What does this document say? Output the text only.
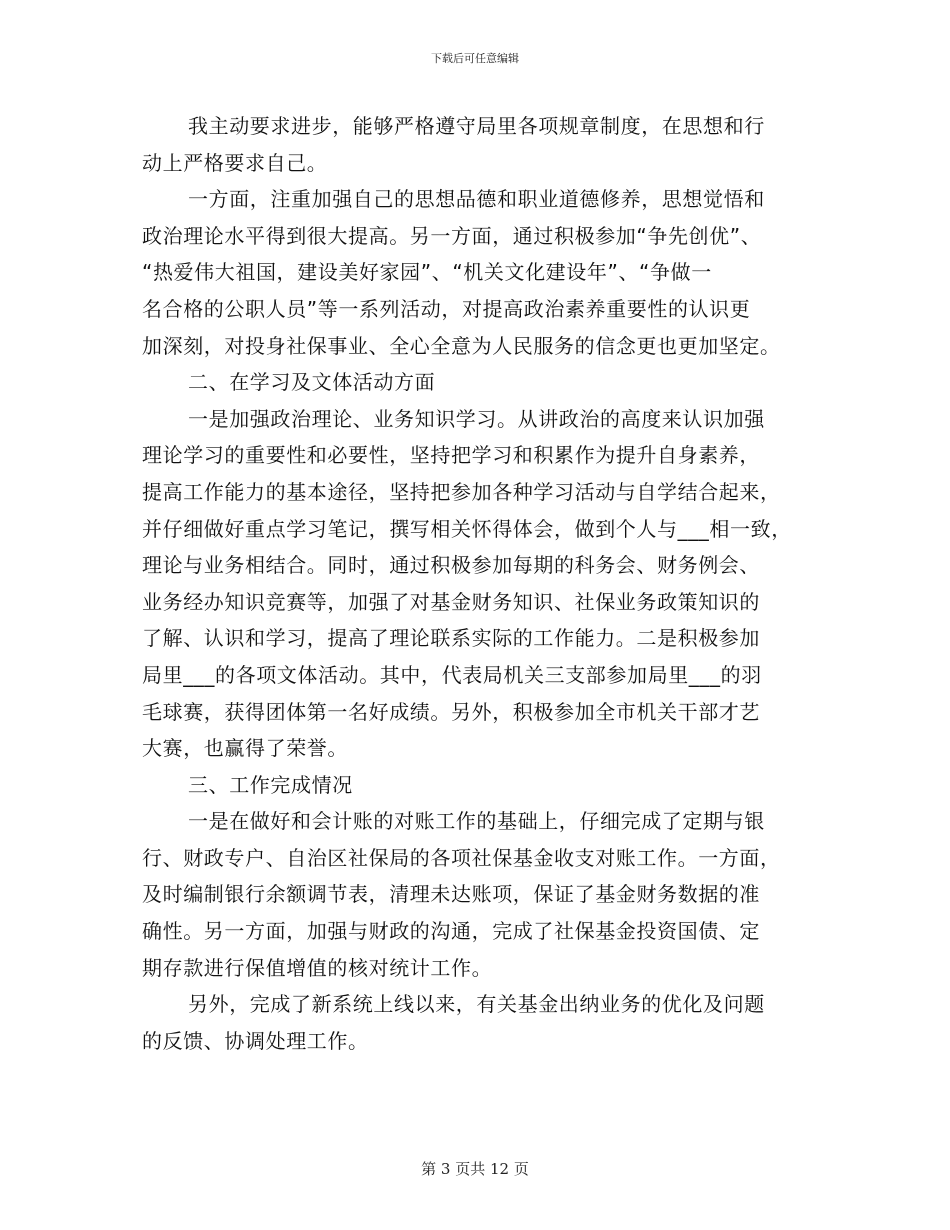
下载后可任意编辑
我主动要求进步，能够严格遵守局里各项规章制度，在思想和行
动上严格要求自己。
一方面，注重加强自己的思想品德和职业道德修养，思想觉悟和
政治理论水平得到很大提高。另一方面，通过积极参加“争先创优”、
“热爱伟大祖国，建设美好家园”、“机关文化建设年”、“争做一
名合格的公职人员”等一系列活动，对提高政治素养重要性的认识更
加深刻，对投身社保事业、全心全意为人民服务的信念更也更加坚定。
二、在学习及文体活动方面
一是加强政治理论、业务知识学习。从讲政治的高度来认识加强
理论学习的重要性和必要性，坚持把学习和积累作为提升自身素养，
提高工作能力的基本途径，坚持把参加各种学习活动与自学结合起来，
并仔细做好重点学习笔记，撰写相关怀得体会，做到个人与___相一致，
理论与业务相结合。同时，通过积极参加每期的科务会、财务例会、
业务经办知识竞赛等，加强了对基金财务知识、社保业务政策知识的
了解、认识和学习，提高了理论联系实际的工作能力。二是积极参加
局里___的各项文体活动。其中，代表局机关三支部参加局里___的羽
毛球赛，获得团体第一名好成绩。另外，积极参加全市机关干部才艺
大赛，也赢得了荣誉。
三、工作完成情况
一是在做好和会计账的对账工作的基础上，仔细完成了定期与银
行、财政专户、自治区社保局的各项社保基金收支对账工作。一方面，
及时编制银行余额调节表，清理未达账项，保证了基金财务数据的准
确性。另一方面，加强与财政的沟通，完成了社保基金投资国债、定
期存款进行保值增值的核对统计工作。
另外，完成了新系统上线以来，有关基金出纳业务的优化及问题
的反馈、协调处理工作。
第 3 页共 12 页
